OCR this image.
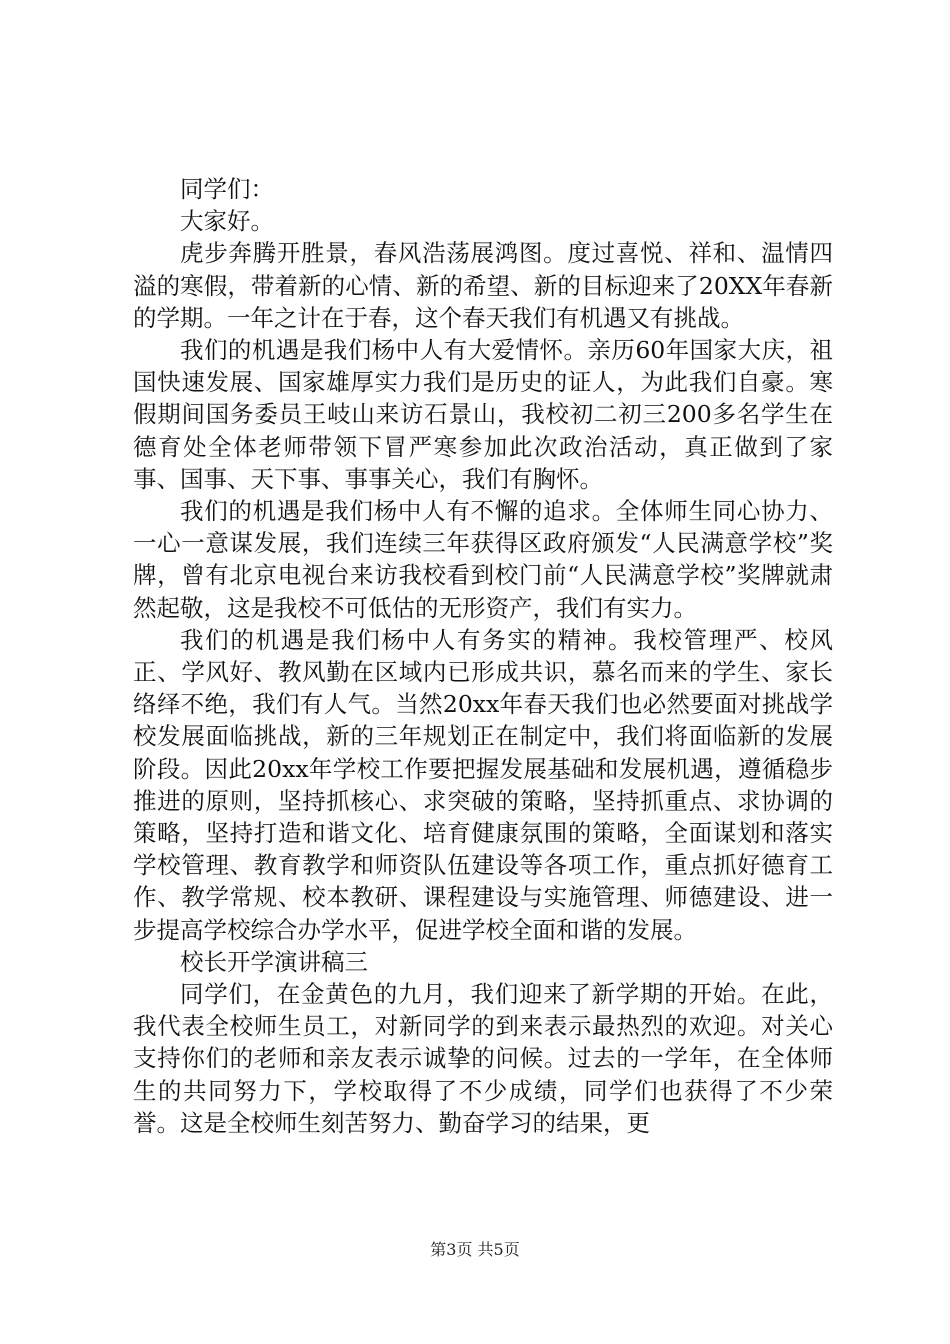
同学们：

大家好。

虎步奔腾开胜景，春风浩荡展鸿图。度过喜悦、祥和、温情四溢的寒假，带着新的心情、新的希望、新的目标迎来了20XX年春新的学期。一年之计在于春，这个春天我们有机遇又有挑战。

我们的机遇是我们杨中人有大爱情怀。亲历60年国家大庆，祖国快速发展、国家雄厚实力我们是历史的证人，为此我们自豪。寒假期间国务委员王岐山来访石景山，我校初二初三200多名学生在德育处全体老师带领下冒严寒参加此次政治活动，真正做到了家事、国事、天下事、事事关心，我们有胸怀。

我们的机遇是我们杨中人有不懈的追求。全体师生同心协力、一心一意谋发展，我们连续三年获得区政府颁发“人民满意学校”奖牌，曾有北京电视台来访我校看到校门前“人民满意学校”奖牌就肃然起敬，这是我校不可低估的无形资产，我们有实力。

我们的机遇是我们杨中人有务实的精神。我校管理严、校风正、学风好、教风勤在区域内已形成共识，慕名而来的学生、家长络绎不绝，我们有人气。当然20xx年春天我们也必然要面对挑战学校发展面临挑战，新的三年规划正在制定中，我们将面临新的发展阶段。因此20xx年学校工作要把握发展基础和发展机遇，遵循稳步推进的原则，坚持抓核心、求突破的策略，坚持抓重点、求协调的策略，坚持打造和谐文化、培育健康氛围的策略，全面谋划和落实学校管理、教育教学和师资队伍建设等各项工作，重点抓好德育工作、教学常规、校本教研、课程建设与实施管理、师德建设、进一步提高学校综合办学水平，促进学校全面和谐的发展。

校长开学演讲稿三

同学们，在金黄色的九月，我们迎来了新学期的开始。在此，我代表全校师生员工，对新同学的到来表示最热烈的欢迎。对关心支持你们的老师和亲友表示诚挚的问候。过去的一学年，在全体师生的共同努力下，学校取得了不少成绩，同学们也获得了不少荣誉。这是全校师生刻苦努力、勤奋学习的结果，更

第3页 共5页
